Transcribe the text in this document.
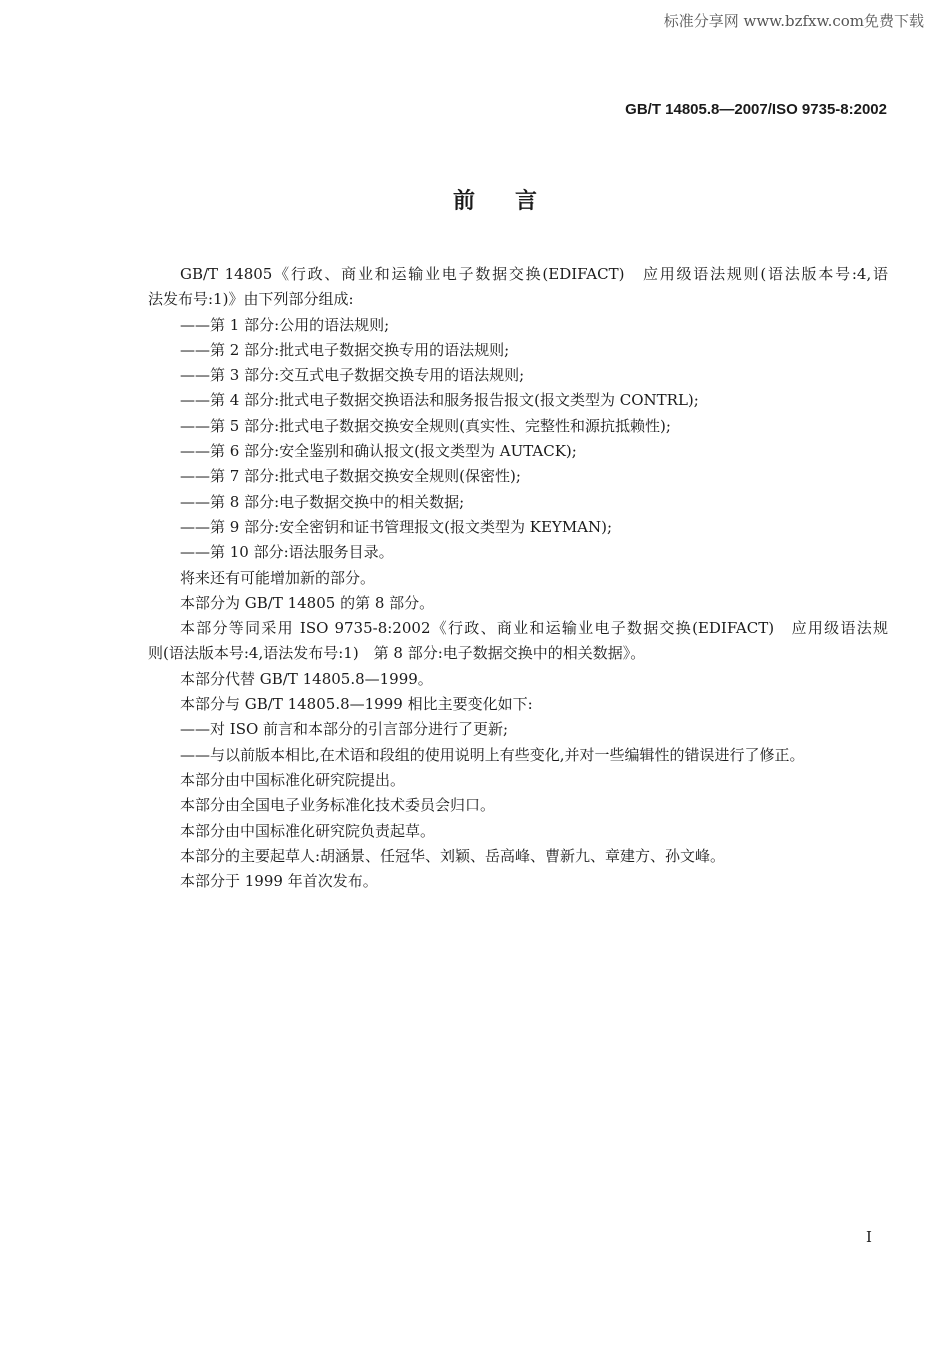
标准分享网 www.bzfxw.com免费下载
GB/T 14805.8—2007/ISO 9735-8:2002
前言
GB/T 14805《行政、商业和运输业电子数据交换(EDIFACT)　应用级语法规则(语法版本号:4,语
法发布号:1)》由下列部分组成:
——第 1 部分:公用的语法规则;
——第 2 部分:批式电子数据交换专用的语法规则;
——第 3 部分:交互式电子数据交换专用的语法规则;
——第 4 部分:批式电子数据交换语法和服务报告报文(报文类型为 CONTRL);
——第 5 部分:批式电子数据交换安全规则(真实性、完整性和源抗抵赖性);
——第 6 部分:安全鉴别和确认报文(报文类型为 AUTACK);
——第 7 部分:批式电子数据交换安全规则(保密性);
——第 8 部分:电子数据交换中的相关数据;
——第 9 部分:安全密钥和证书管理报文(报文类型为 KEYMAN);
——第 10 部分:语法服务目录。
将来还有可能增加新的部分。
本部分为 GB/T 14805 的第 8 部分。
本部分等同采用 ISO 9735-8:2002《行政、商业和运输业电子数据交换(EDIFACT)　应用级语法规
则(语法版本号:4,语法发布号:1)　第 8 部分:电子数据交换中的相关数据》。
本部分代替 GB/T 14805.8—1999。
本部分与 GB/T 14805.8—1999 相比主要变化如下:
——对 ISO 前言和本部分的引言部分进行了更新;
——与以前版本相比,在术语和段组的使用说明上有些变化,并对一些编辑性的错误进行了修正。
本部分由中国标准化研究院提出。
本部分由全国电子业务标准化技术委员会归口。
本部分由中国标准化研究院负责起草。
本部分的主要起草人:胡涵景、任冠华、刘颖、岳高峰、曹新九、章建方、孙文峰。
本部分于 1999 年首次发布。
I
